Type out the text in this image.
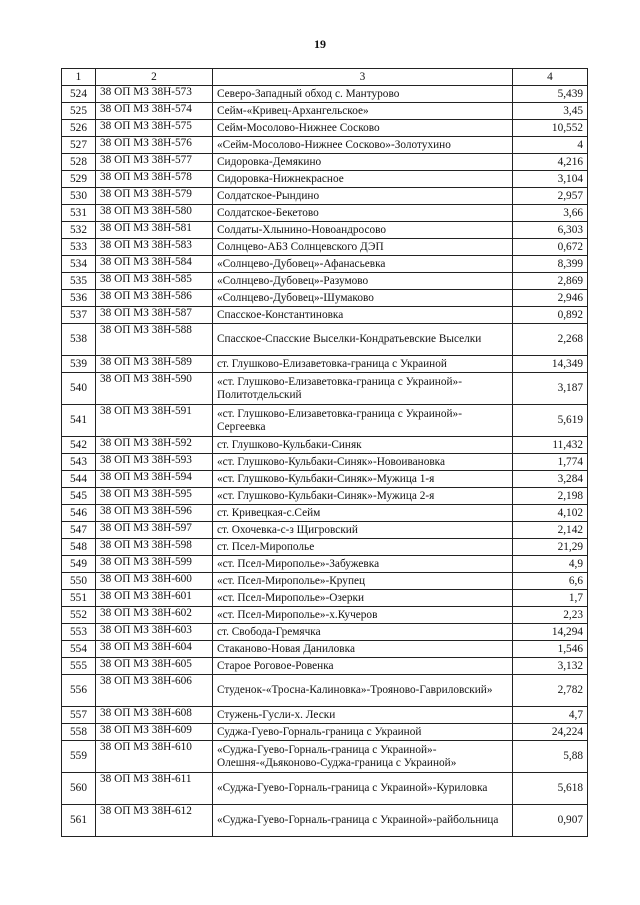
19
1	2	3	4
524	38 ОП МЗ 38Н-573	Северо-Западный обход с. Мантурово	5,439
525	38 ОП МЗ 38Н-574	Сейм-«Кривец-Архангельское»	3,45
526	38 ОП МЗ 38Н-575	Сейм-Мосолово-Нижнее Сосково	10,552
527	38 ОП МЗ 38Н-576	«Сейм-Мосолово-Нижнее Сосково»-Золотухино	4
528	38 ОП МЗ 38Н-577	Сидоровка-Демякино	4,216
529	38 ОП МЗ 38Н-578	Сидоровка-Нижнекрасное	3,104
530	38 ОП МЗ 38Н-579	Солдатское-Рындино	2,957
531	38 ОП МЗ 38Н-580	Солдатское-Бекетово	3,66
532	38 ОП МЗ 38Н-581	Солдаты-Хлынино-Новоандросово	6,303
533	38 ОП МЗ 38Н-583	Солнцево-АБЗ Солнцевского ДЭП	0,672
534	38 ОП МЗ 38Н-584	«Солнцево-Дубовец»-Афанасьевка	8,399
535	38 ОП МЗ 38Н-585	«Солнцево-Дубовец»-Разумово	2,869
536	38 ОП МЗ 38Н-586	«Солнцево-Дубовец»-Шумаково	2,946
537	38 ОП МЗ 38Н-587	Спасское-Константиновка	0,892
538	38 ОП МЗ 38Н-588	Спасское-Спасские Выселки-Кондратьевские Выселки	2,268
539	38 ОП МЗ 38Н-589	ст. Глушково-Елизаветовка-граница с Украиной	14,349
540	38 ОП МЗ 38Н-590	«ст. Глушково-Елизаветовка-граница с Украиной»-Политотдельский	3,187
541	38 ОП МЗ 38Н-591	«ст. Глушково-Елизаветовка-граница с Украиной»-Сергеевка	5,619
542	38 ОП МЗ 38Н-592	ст. Глушково-Кульбаки-Синяк	11,432
543	38 ОП МЗ 38Н-593	«ст. Глушково-Кульбаки-Синяк»-Новоивановка	1,774
544	38 ОП МЗ 38Н-594	«ст. Глушково-Кульбаки-Синяк»-Мужица 1-я	3,284
545	38 ОП МЗ 38Н-595	«ст. Глушково-Кульбаки-Синяк»-Мужица 2-я	2,198
546	38 ОП МЗ 38Н-596	ст. Кривецкая-с.Сейм	4,102
547	38 ОП МЗ 38Н-597	ст. Охочевка-с-з Щигровский	2,142
548	38 ОП МЗ 38Н-598	ст. Псел-Мирополье	21,29
549	38 ОП МЗ 38Н-599	«ст. Псел-Мирополье»-Забужевка	4,9
550	38 ОП МЗ 38Н-600	«ст. Псел-Мирополье»-Крупец	6,6
551	38 ОП МЗ 38Н-601	«ст. Псел-Мирополье»-Озерки	1,7
552	38 ОП МЗ 38Н-602	«ст. Псел-Мирополье»-х.Кучеров	2,23
553	38 ОП МЗ 38Н-603	ст. Свобода-Гремячка	14,294
554	38 ОП МЗ 38Н-604	Стаканово-Новая Даниловка	1,546
555	38 ОП МЗ 38Н-605	Старое Роговое-Ровенка	3,132
556	38 ОП МЗ 38Н-606	Студенок-«Тросна-Калиновка»-Трояново-Гавриловский»	2,782
557	38 ОП МЗ 38Н-608	Стужень-Гусли-х. Лески	4,7
558	38 ОП МЗ 38Н-609	Суджа-Гуево-Горналь-граница с Украиной	24,224
559	38 ОП МЗ 38Н-610	«Суджа-Гуево-Горналь-граница с Украиной»-Олешня-«Дьяконово-Суджа-граница с Украиной»	5,88
560	38 ОП МЗ 38Н-611	«Суджа-Гуево-Горналь-граница с Украиной»-Куриловка	5,618
561	38 ОП МЗ 38Н-612	«Суджа-Гуево-Горналь-граница с Украиной»-райбольница	0,907
